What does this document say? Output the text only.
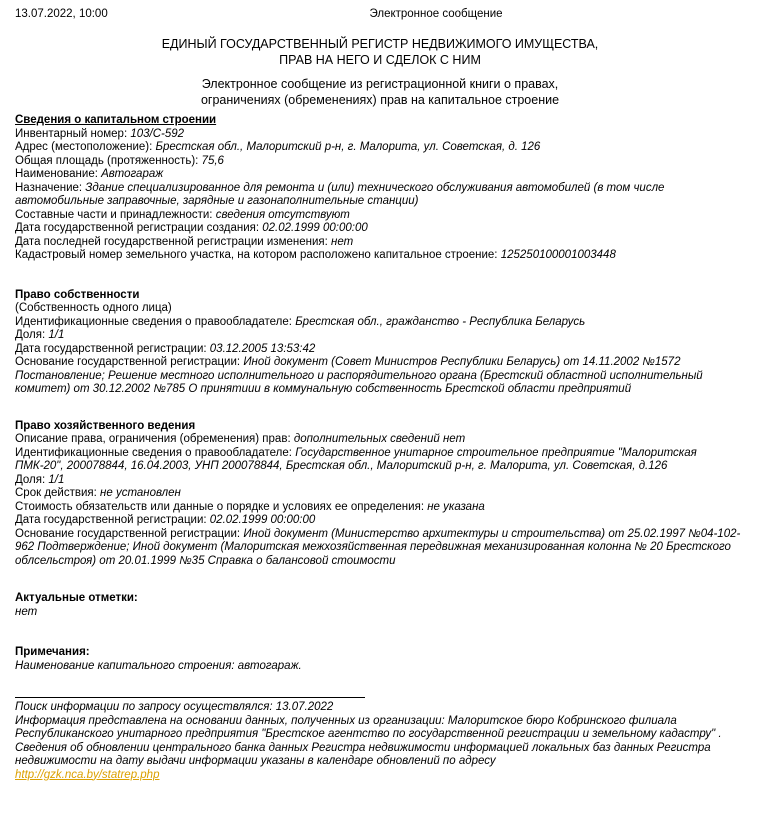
13.07.2022, 10:00	Электронное сообщение
ЕДИНЫЙ ГОСУДАРСТВЕННЫЙ РЕГИСТР НЕДВИЖИМОГО ИМУЩЕСТВА,
ПРАВ НА НЕГО И СДЕЛОК С НИМ
Электронное сообщение из регистрационной книги о правах,
ограничениях (обременениях) прав на капитальное строение
Сведения о капитальном строении
Инвентарный номер: 103/С-592
Адрес (местоположение): Брестская обл., Малоритский р-н, г. Малорита, ул. Советская, д. 126
Общая площадь (протяженность): 75,6
Наименование: Автогараж
Назначение: Здание специализированное для ремонта и (или) технического обслуживания автомобилей (в том числе автомобильные заправочные, зарядные и газонаполнительные станции)
Составные части и принадлежности: сведения отсутствуют
Дата государственной регистрации создания: 02.02.1999 00:00:00
Дата последней государственной регистрации изменения: нет
Кадастровый номер земельного участка, на котором расположено капитальное строение: 125250100001003448
Право собственности
(Собственность одного лица)
Идентификационные сведения о правообладателе: Брестская обл., гражданство - Республика Беларусь
Доля: 1/1
Дата государственной регистрации: 03.12.2005 13:53:42
Основание государственной регистрации: Иной документ (Совет Министров Республики Беларусь) от 14.11.2002 №1572 Постановление; Решение местного исполнительного и распорядительного органа (Брестский областной исполнительный комитет) от 30.12.2002 №785 О принятиии в коммунальную собственность Брестской области предприятий
Право хозяйственного ведения
Описание права, ограничения (обременения) прав: дополнительных сведений нет
Идентификационные сведения о правообладателе: Государственное унитарное строительное предприятие "Малоритская ПМК-20", 200078844, 16.04.2003, УНП 200078844, Брестская обл., Малоритский р-н, г. Малорита, ул. Советская, д.126
Доля: 1/1
Срок действия: не установлен
Стоимость обязательств или данные о порядке и условиях ее определения: не указана
Дата государственной регистрации: 02.02.1999 00:00:00
Основание государственной регистрации: Иной документ (Министерство архитектуры и строительства) от 25.02.1997 №04-102-962 Подтверждение; Иной документ (Малоритская межхозяйственная передвижная механизированная колонна № 20 Брестского облсельстроя) от 20.01.1999 №35 Справка о балансовой стоимости
Актуальные отметки:
нет
Примечания:
Наименование капитального строения: автогараж.
Поиск информации по запросу осуществлялся: 13.07.2022
Информация представлена на основании данных, полученных из организации: Малоритское бюро Кобринского филиала Республиканского унитарного предприятия "Брестское агентство по государственной регистрации и земельному кадастру" .
Сведения об обновлении центрального банка данных Регистра недвижимости информацией локальных баз данных Регистра недвижимости на дату выдачи информации указаны в календаре обновлений по адресу
http://gzk.nca.by/statrep.php
